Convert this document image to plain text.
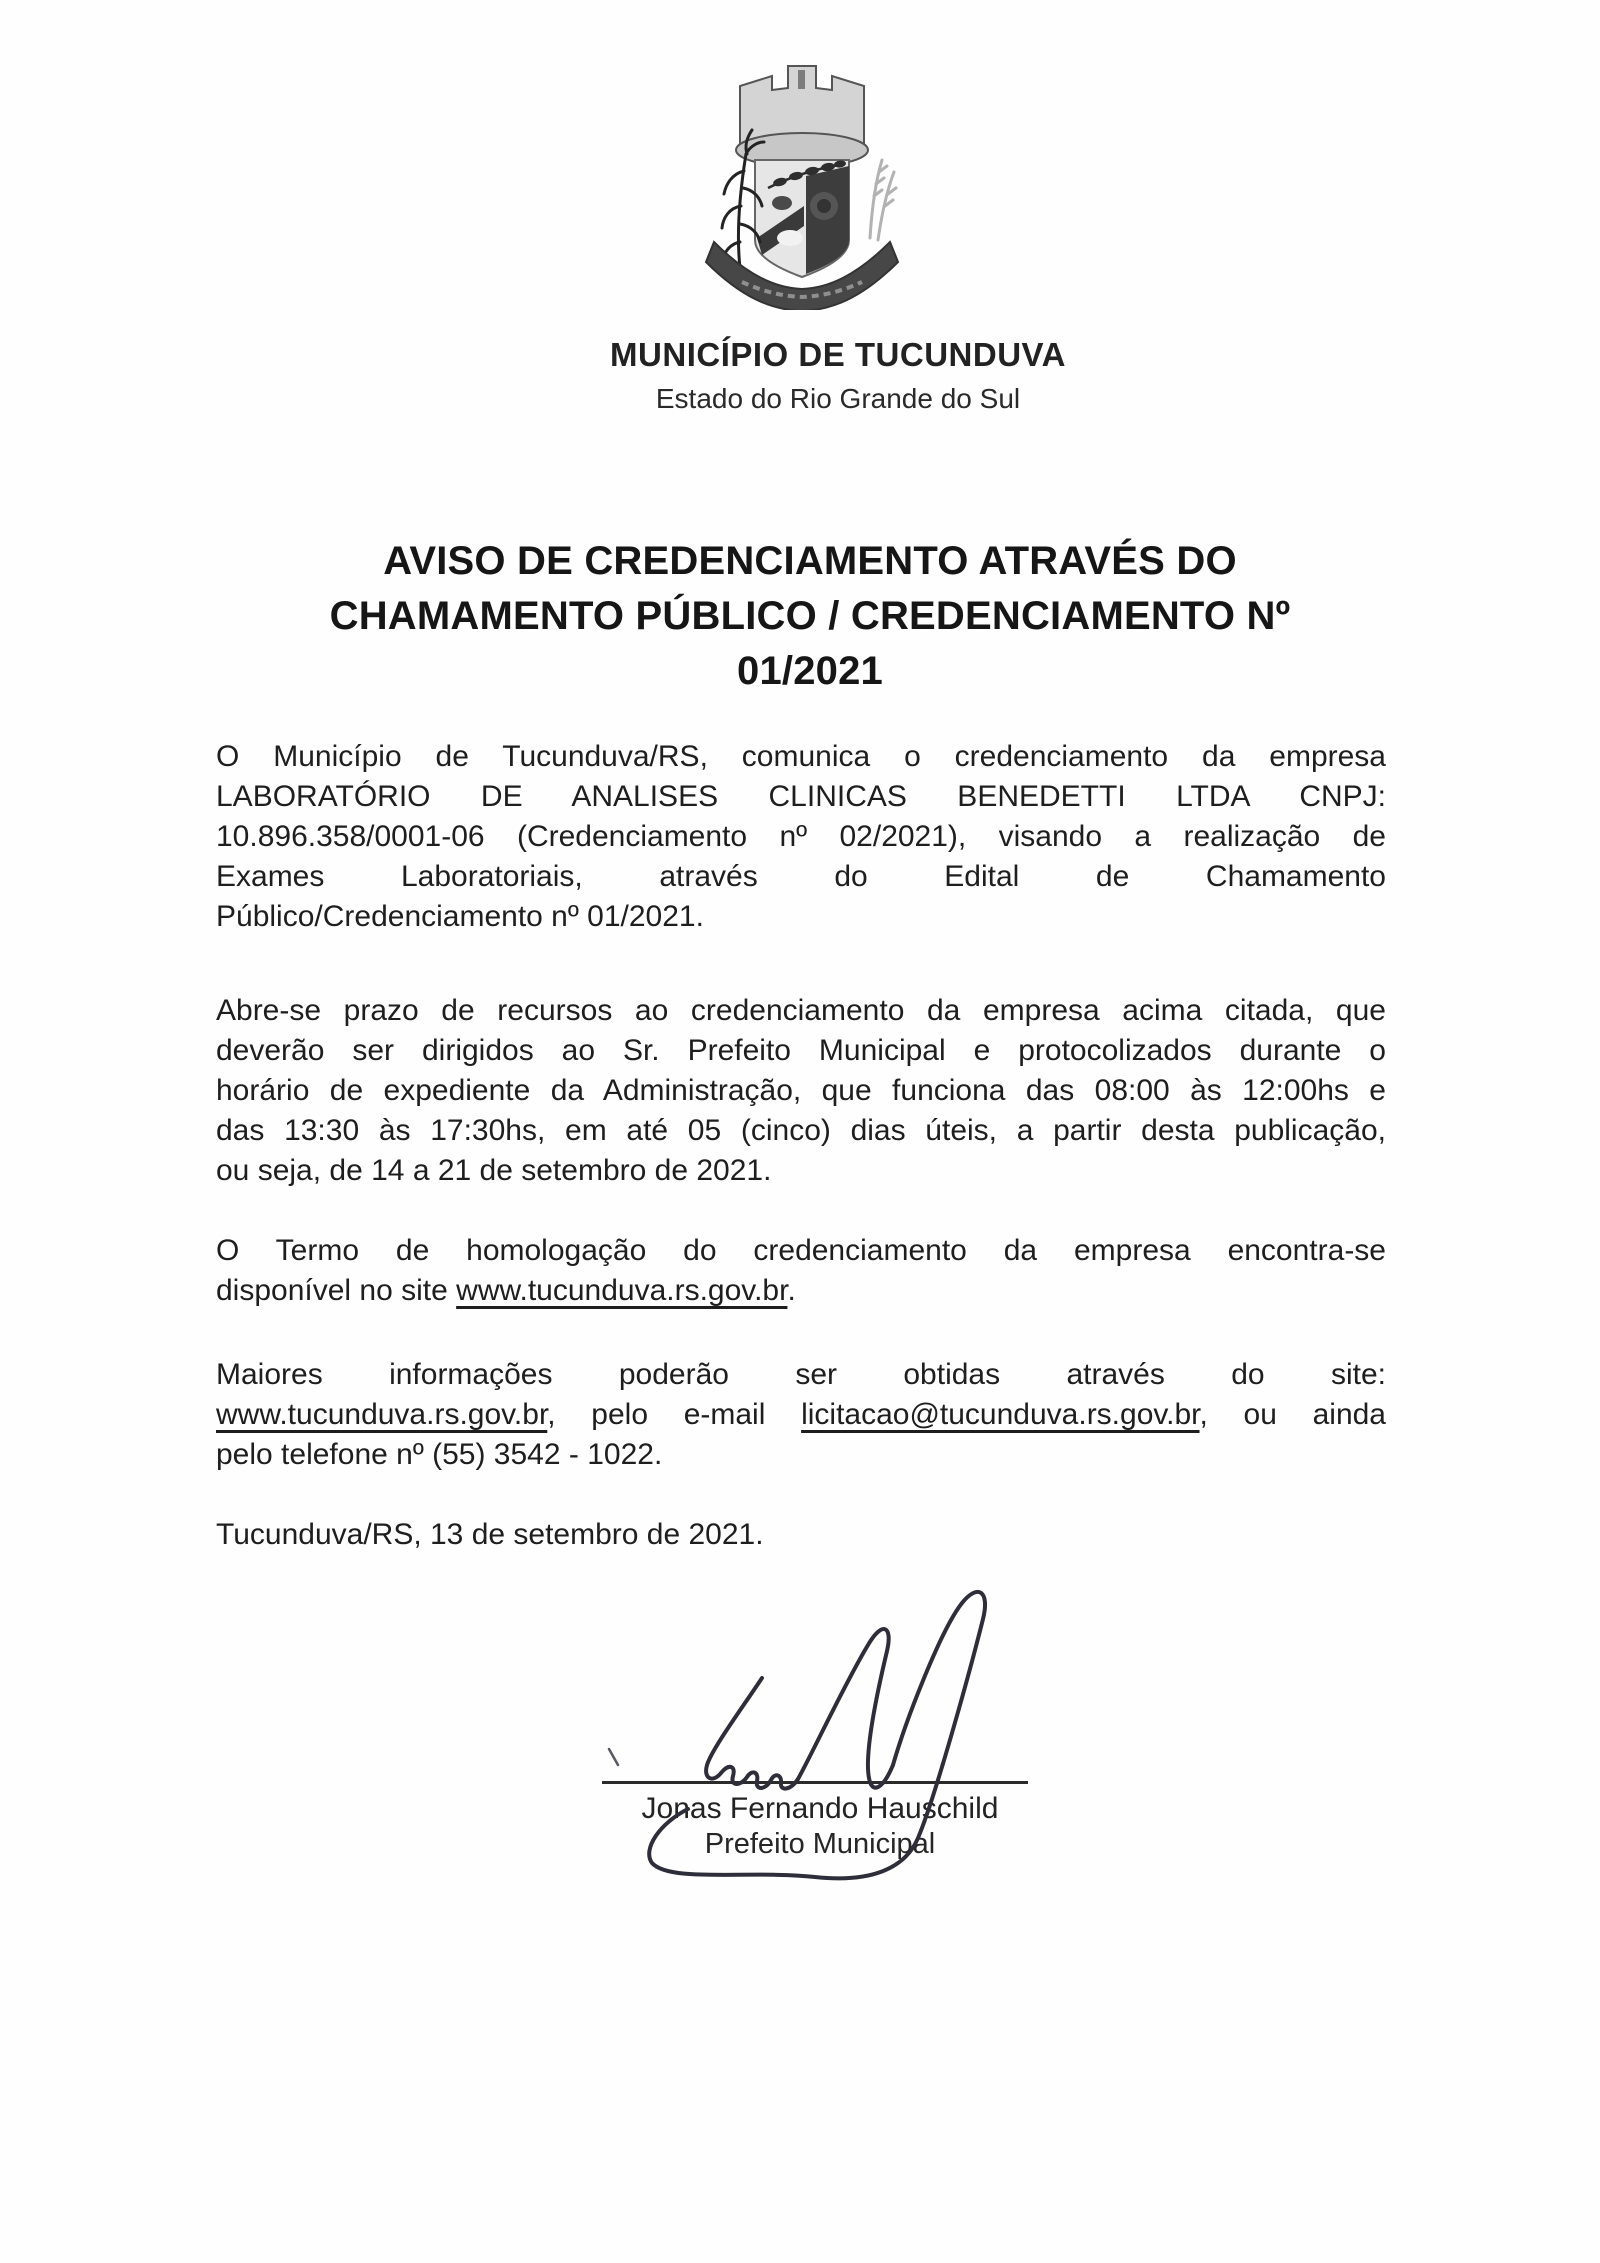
MUNICÍPIO DE TUCUNDUVA
Estado do Rio Grande do Sul
AVISO DE CREDENCIAMENTO ATRAVÉS DO
CHAMAMENTO PÚBLICO / CREDENCIAMENTO Nº
01/2021
O Município de Tucunduva/RS, comunica o credenciamento da empresa
LABORATÓRIO DE ANALISES CLINICAS BENEDETTI LTDA CNPJ:
10.896.358/0001-06 (Credenciamento nº 02/2021), visando a realização de
Exames Laboratoriais, através do Edital de Chamamento
Público/Credenciamento nº 01/2021.
Abre-se prazo de recursos ao credenciamento da empresa acima citada, que
deverão ser dirigidos ao Sr. Prefeito Municipal e protocolizados durante o
horário de expediente da Administração, que funciona das 08:00 às 12:00hs e
das 13:30 às 17:30hs, em até 05 (cinco) dias úteis, a partir desta publicação,
ou seja, de 14 a 21 de setembro de 2021.
O Termo de homologação do credenciamento da empresa encontra-se
disponível no site www.tucunduva.rs.gov.br.
Maiores informações poderão ser obtidas através do site:
www.tucunduva.rs.gov.br, pelo e-mail licitacao@tucunduva.rs.gov.br, ou ainda
pelo telefone nº (55) 3542 - 1022.
Tucunduva/RS, 13 de setembro de 2021.
Jonas Fernando Hauschild
Prefeito Municipal
